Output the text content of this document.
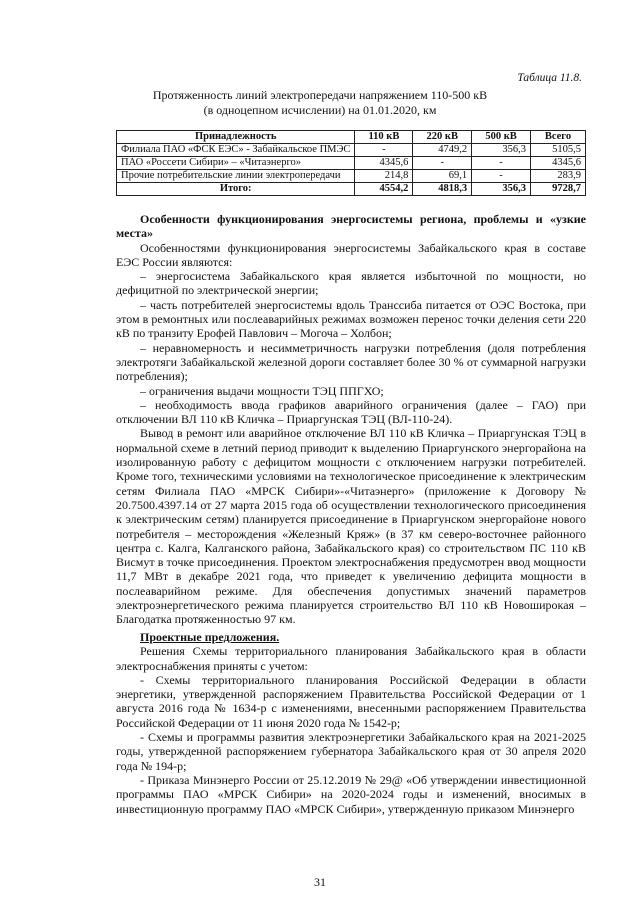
Таблица 11.8.
Протяженность линий электропередачи напряжением 110-500 кВ
(в одноцепном исчислении) на 01.01.2020, км
Принадлежность	110 кВ	220 кВ	500 кВ	Всего
Филиала ПАО «ФСК ЕЭС» - Забайкальское ПМЭС	-	4749,2	356,3	5105,5
ПАО «Россети Сибири» – «Читаэнерго»	4345,6	-	-	4345,6
Прочие потребительские линии электропередачи	214,8	69,1	-	283,9
Итого:	4554,2	4818,3	356,3	9728,7

Особенности функционирования энергосистемы региона, проблемы и «узкие места»

Особенностями функционирования энергосистемы Забайкальского края в составе ЕЭС России являются:

– энергосистема Забайкальского края является избыточной по мощности, но дефицитной по электрической энергии;

– часть потребителей энергосистемы вдоль Транссиба питается от ОЭС Востока, при этом в ремонтных или послеаварийных режимах возможен перенос точки деления сети 220 кВ по транзиту Ерофей Павлович – Могоча – Холбон;

– неравномерность и несимметричность нагрузки потребления (доля потребления электротяги Забайкальской железной дороги составляет более 30 % от суммарной нагрузки потребления);

– ограничения выдачи мощности ТЭЦ ППГХО;

– необходимость ввода графиков аварийного ограничения (далее – ГАО) при отключении ВЛ 110 кВ Кличка – Приаргунская ТЭЦ (ВЛ-110-24).

Вывод в ремонт или аварийное отключение ВЛ 110 кВ Кличка – Приаргунская ТЭЦ в нормальной схеме в летний период приводит к выделению Приаргунского энергорайона на изолированную работу с дефицитом мощности с отключением нагрузки потребителей. Кроме того, техническими условиями на технологическое присоединение к электрическим сетям Филиала ПАО «МРСК Сибири»-«Читаэнерго» (приложение к Договору № 20.7500.4397.14 от 27 марта 2015 года об осуществлении технологического присоединения к электрическим сетям) планируется присоединение в Приаргунском энергорайоне нового потребителя – месторождения «Железный Кряж» (в 37 км северо-восточнее районного центра с. Калга, Калганского района, Забайкальского края) со строительством ПС 110 кВ Висмут в точке присоединения. Проектом электроснабжения предусмотрен ввод мощности 11,7 МВт в декабре 2021 года, что приведет к увеличению дефицита мощности в послеаварийном режиме. Для обеспечения допустимых значений параметров электроэнергетического режима планируется строительство ВЛ 110 кВ Новоширокая – Благодатка протяженностью 97 км.

Проектные предложения.

Решения Схемы территориального планирования Забайкальского края в области электроснабжения приняты с учетом:

- Схемы территориального планирования Российской Федерации в области энергетики, утвержденной распоряжением Правительства Российской Федерации от 1 августа 2016 года № 1634-р с изменениями, внесенными распоряжением Правительства Российской Федерации от 11 июня 2020 года № 1542-р;

- Схемы и программы развития электроэнергетики Забайкальского края на 2021-2025 годы, утвержденной распоряжением губернатора Забайкальского края от 30 апреля 2020 года № 194-р;

- Приказа Минэнерго России от 25.12.2019 № 29@ «Об утверждении инвестиционной программы ПАО «МРСК Сибири» на 2020-2024 годы и изменений, вносимых в инвестиционную программу ПАО «МРСК Сибири», утвержденную приказом Минэнерго

31
